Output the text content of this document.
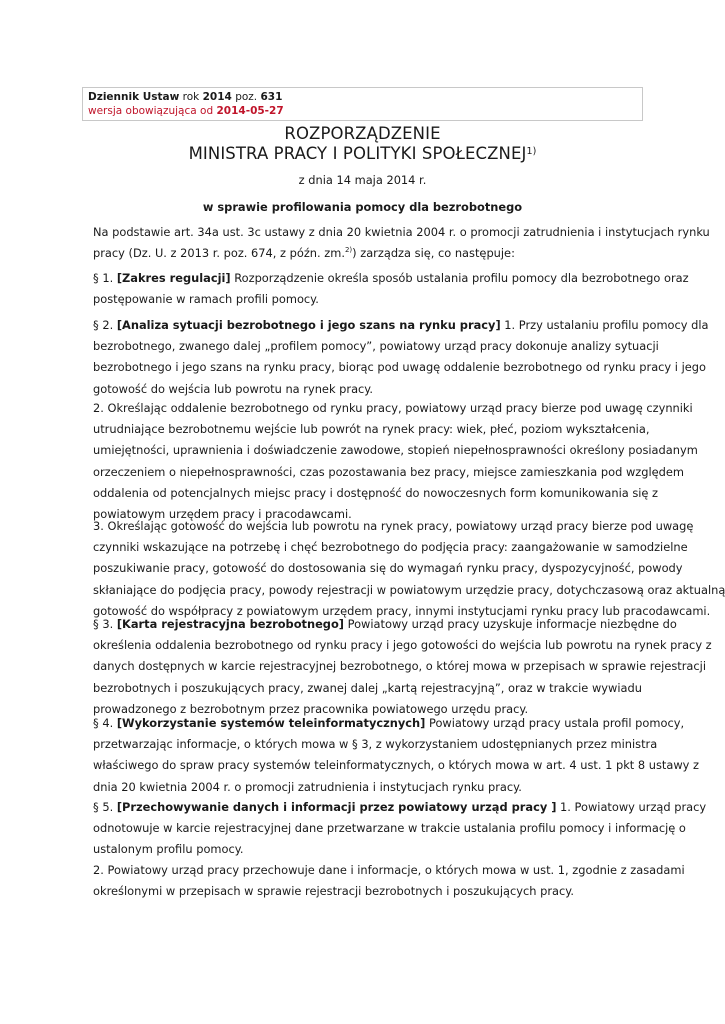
Dziennik Ustaw rok 2014 poz. 631
wersja obowiązująca od 2014-05-27
ROZPORZĄDZENIE
MINISTRA PRACY I POLITYKI SPOŁECZNEJ$^{1)}$
z dnia 14 maja 2014 r.
w sprawie profilowania pomocy dla bezrobotnego
Na podstawie art. 34a ust. 3c ustawy z dnia 20 kwietnia 2004 r. o promocji zatrudnienia i instytucjach rynku
pracy (Dz. U. z 2013 r. poz. 674, z późn. zm.$^{2)}$) zarządza się, co następuje:
§ 1. [Zakres regulacji] Rozporządzenie określa sposób ustalania profilu pomocy dla bezrobotnego oraz
postępowanie w ramach profili pomocy.
§ 2. [Analiza sytuacji bezrobotnego i jego szans na rynku pracy] 1. Przy ustalaniu profilu pomocy dla
bezrobotnego, zwanego dalej „profilem pomocy”, powiatowy urząd pracy dokonuje analizy sytuacji
bezrobotnego i jego szans na rynku pracy, biorąc pod uwagę oddalenie bezrobotnego od rynku pracy i jego
gotowość do wejścia lub powrotu na rynek pracy.
2. Określając oddalenie bezrobotnego od rynku pracy, powiatowy urząd pracy bierze pod uwagę czynniki
utrudniające bezrobotnemu wejście lub powrót na rynek pracy: wiek, płeć, poziom wykształcenia,
umiejętności, uprawnienia i doświadczenie zawodowe, stopień niepełnosprawności określony posiadanym
orzeczeniem o niepełnosprawności, czas pozostawania bez pracy, miejsce zamieszkania pod względem
oddalenia od potencjalnych miejsc pracy i dostępność do nowoczesnych form komunikowania się z
powiatowym urzędem pracy i pracodawcami.
3. Określając gotowość do wejścia lub powrotu na rynek pracy, powiatowy urząd pracy bierze pod uwagę
czynniki wskazujące na potrzebę i chęć bezrobotnego do podjęcia pracy: zaangażowanie w samodzielne
poszukiwanie pracy, gotowość do dostosowania się do wymagań rynku pracy, dyspozycyjność, powody
skłaniające do podjęcia pracy, powody rejestracji w powiatowym urzędzie pracy, dotychczasową oraz aktualną
gotowość do współpracy z powiatowym urzędem pracy, innymi instytucjami rynku pracy lub pracodawcami.
§ 3. [Karta rejestracyjna bezrobotnego] Powiatowy urząd pracy uzyskuje informacje niezbędne do
określenia oddalenia bezrobotnego od rynku pracy i jego gotowości do wejścia lub powrotu na rynek pracy z
danych dostępnych w karcie rejestracyjnej bezrobotnego, o której mowa w przepisach w sprawie rejestracji
bezrobotnych i poszukujących pracy, zwanej dalej „kartą rejestracyjną”, oraz w trakcie wywiadu
prowadzonego z bezrobotnym przez pracownika powiatowego urzędu pracy.
§ 4. [Wykorzystanie systemów teleinformatycznych] Powiatowy urząd pracy ustala profil pomocy,
przetwarzając informacje, o których mowa w § 3, z wykorzystaniem udostępnianych przez ministra
właściwego do spraw pracy systemów teleinformatycznych, o których mowa w art. 4 ust. 1 pkt 8 ustawy z
dnia 20 kwietnia 2004 r. o promocji zatrudnienia i instytucjach rynku pracy.
§ 5. [Przechowywanie danych i informacji przez powiatowy urząd pracy ] 1. Powiatowy urząd pracy
odnotowuje w karcie rejestracyjnej dane przetwarzane w trakcie ustalania profilu pomocy i informację o
ustalonym profilu pomocy.
2. Powiatowy urząd pracy przechowuje dane i informacje, o których mowa w ust. 1, zgodnie z zasadami
określonymi w przepisach w sprawie rejestracji bezrobotnych i poszukujących pracy.
